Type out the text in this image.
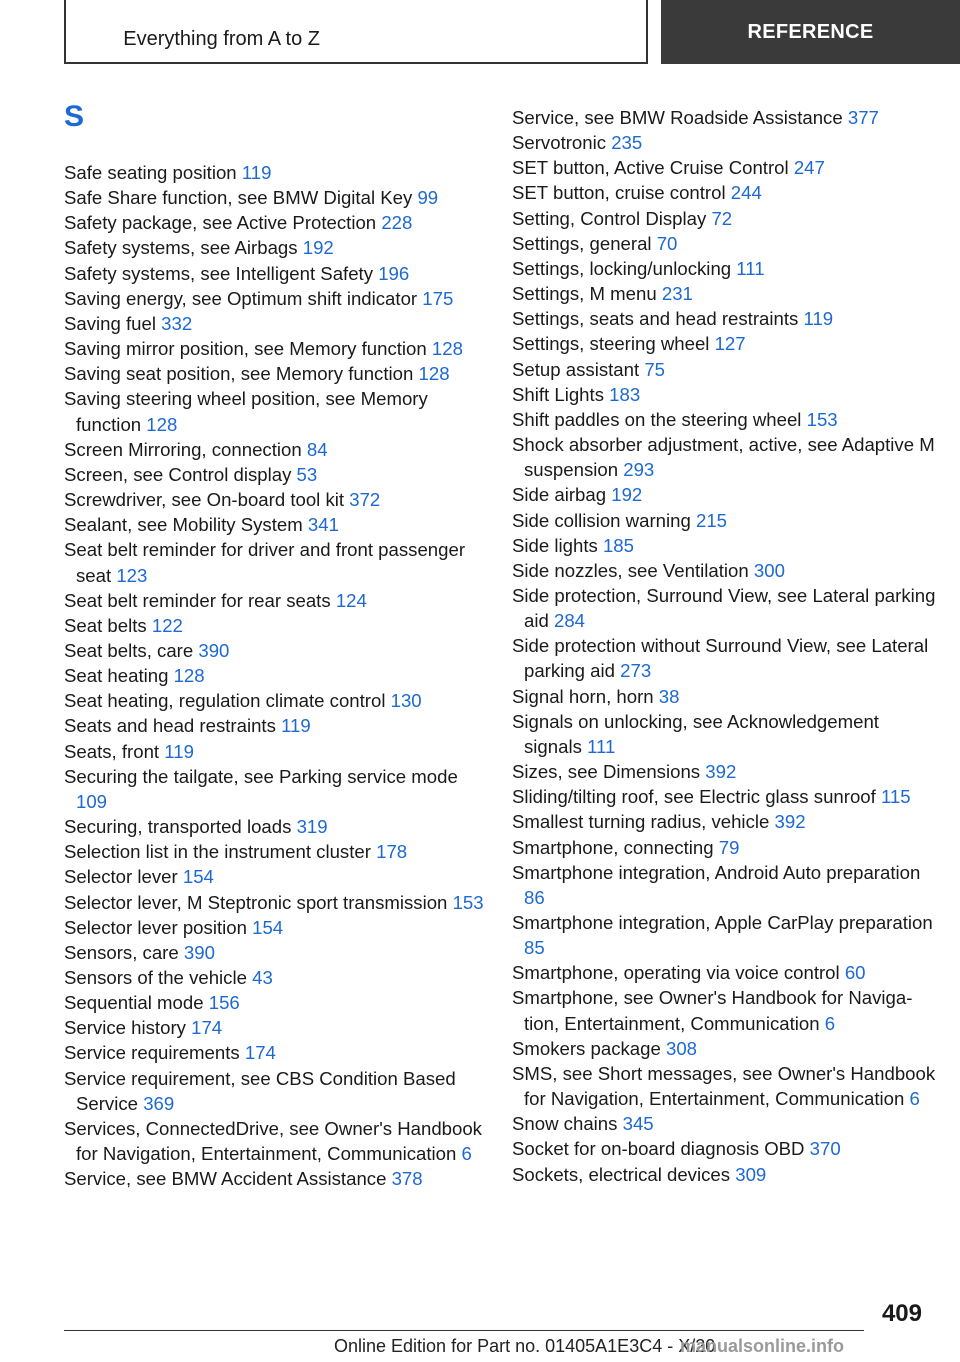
Everything from A to Z	REFERENCE
S
Safe seating position 119
Safe Share function, see BMW Digital Key 99
Safety package, see Active Protection 228
Safety systems, see Airbags 192
Safety systems, see Intelligent Safety 196
Saving energy, see Optimum shift indicator 175
Saving fuel 332
Saving mirror position, see Memory function 128
Saving seat position, see Memory function 128
Saving steering wheel position, see Memory function 128
Screen Mirroring, connection 84
Screen, see Control display 53
Screwdriver, see On-board tool kit 372
Sealant, see Mobility System 341
Seat belt reminder for driver and front passenger seat 123
Seat belt reminder for rear seats 124
Seat belts 122
Seat belts, care 390
Seat heating 128
Seat heating, regulation climate control 130
Seats and head restraints 119
Seats, front 119
Securing the tailgate, see Parking service mode 109
Securing, transported loads 319
Selection list in the instrument cluster 178
Selector lever 154
Selector lever, M Steptronic sport transmission 153
Selector lever position 154
Sensors, care 390
Sensors of the vehicle 43
Sequential mode 156
Service history 174
Service requirements 174
Service requirement, see CBS Condition Based Service 369
Services, ConnectedDrive, see Owner's Handbook for Navigation, Entertainment, Communication 6
Service, see BMW Accident Assistance 378
Service, see BMW Roadside Assistance 377
Servotronic 235
SET button, Active Cruise Control 247
SET button, cruise control 244
Setting, Control Display 72
Settings, general 70
Settings, locking/unlocking 111
Settings, M menu 231
Settings, seats and head restraints 119
Settings, steering wheel 127
Setup assistant 75
Shift Lights 183
Shift paddles on the steering wheel 153
Shock absorber adjustment, active, see Adaptive M suspension 293
Side airbag 192
Side collision warning 215
Side lights 185
Side nozzles, see Ventilation 300
Side protection, Surround View, see Lateral parking aid 284
Side protection without Surround View, see Lateral parking aid 273
Signal horn, horn 38
Signals on unlocking, see Acknowledgement signals 111
Sizes, see Dimensions 392
Sliding/tilting roof, see Electric glass sunroof 115
Smallest turning radius, vehicle 392
Smartphone, connecting 79
Smartphone integration, Android Auto preparation 86
Smartphone integration, Apple CarPlay preparation 85
Smartphone, operating via voice control 60
Smartphone, see Owner's Handbook for Navigation, Entertainment, Communication 6
Smokers package 308
SMS, see Short messages, see Owner's Handbook for Navigation, Entertainment, Communication 6
Snow chains 345
Socket for on-board diagnosis OBD 370
Sockets, electrical devices 309
409
Online Edition for Part no. 01405A1E3C4 - X/20
manualsonline.info
